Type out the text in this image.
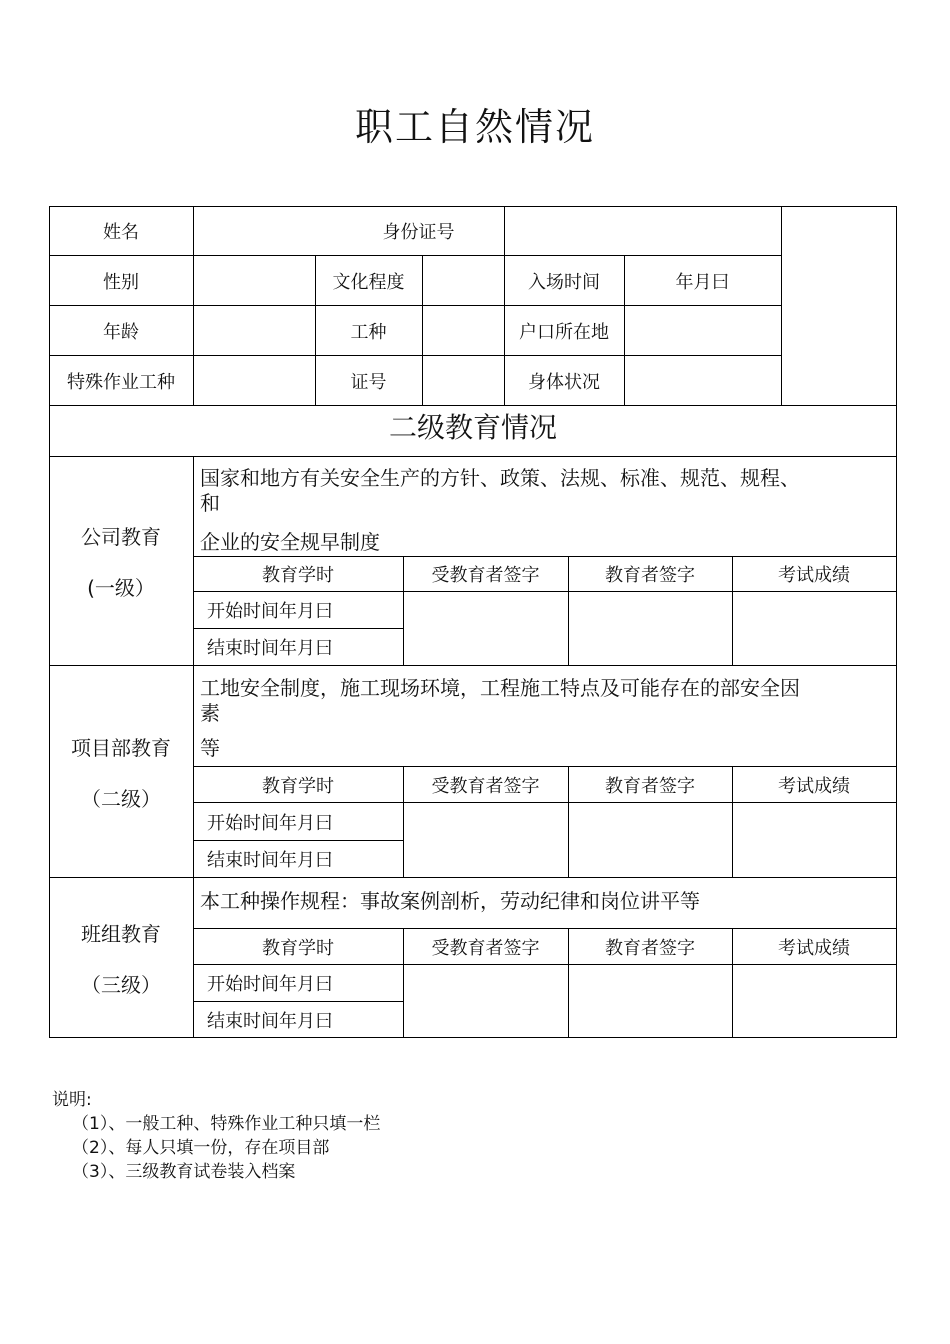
职工自然情况
姓名	身份证号
性别	文化程度	入场时间	年月曰
年龄	工种	户口所在地
特殊作业工种	证号	身体状况
二级教育情况
公司教育
(一级）
国家和地方有关安全生产的方针、政策、法规、标准、规范、规程、
和
企业的安全规早制度
教育学时	受教育者签字	教育者签字	考试成绩
开始时间年月曰
结束时间年月曰
项目部教育
（二级）
工地安全制度，施工现场环境，工程施工特点及可能存在的部安全因
素
等
教育学时	受教育者签字	教育者签字	考试成绩
开始时间年月曰
结束时间年月曰
班组教育
（三级）
本工种操作规程：事故案例剖析，劳动纪律和岗位讲平等
教育学时	受教育者签字	教育者签字	考试成绩
开始时间年月曰
结束时间年月曰
说明:
（1）、一般工种、特殊作业工种只填一栏
（2）、每人只填一份，存在项目部
（3）、三级教育试卷装入档案
